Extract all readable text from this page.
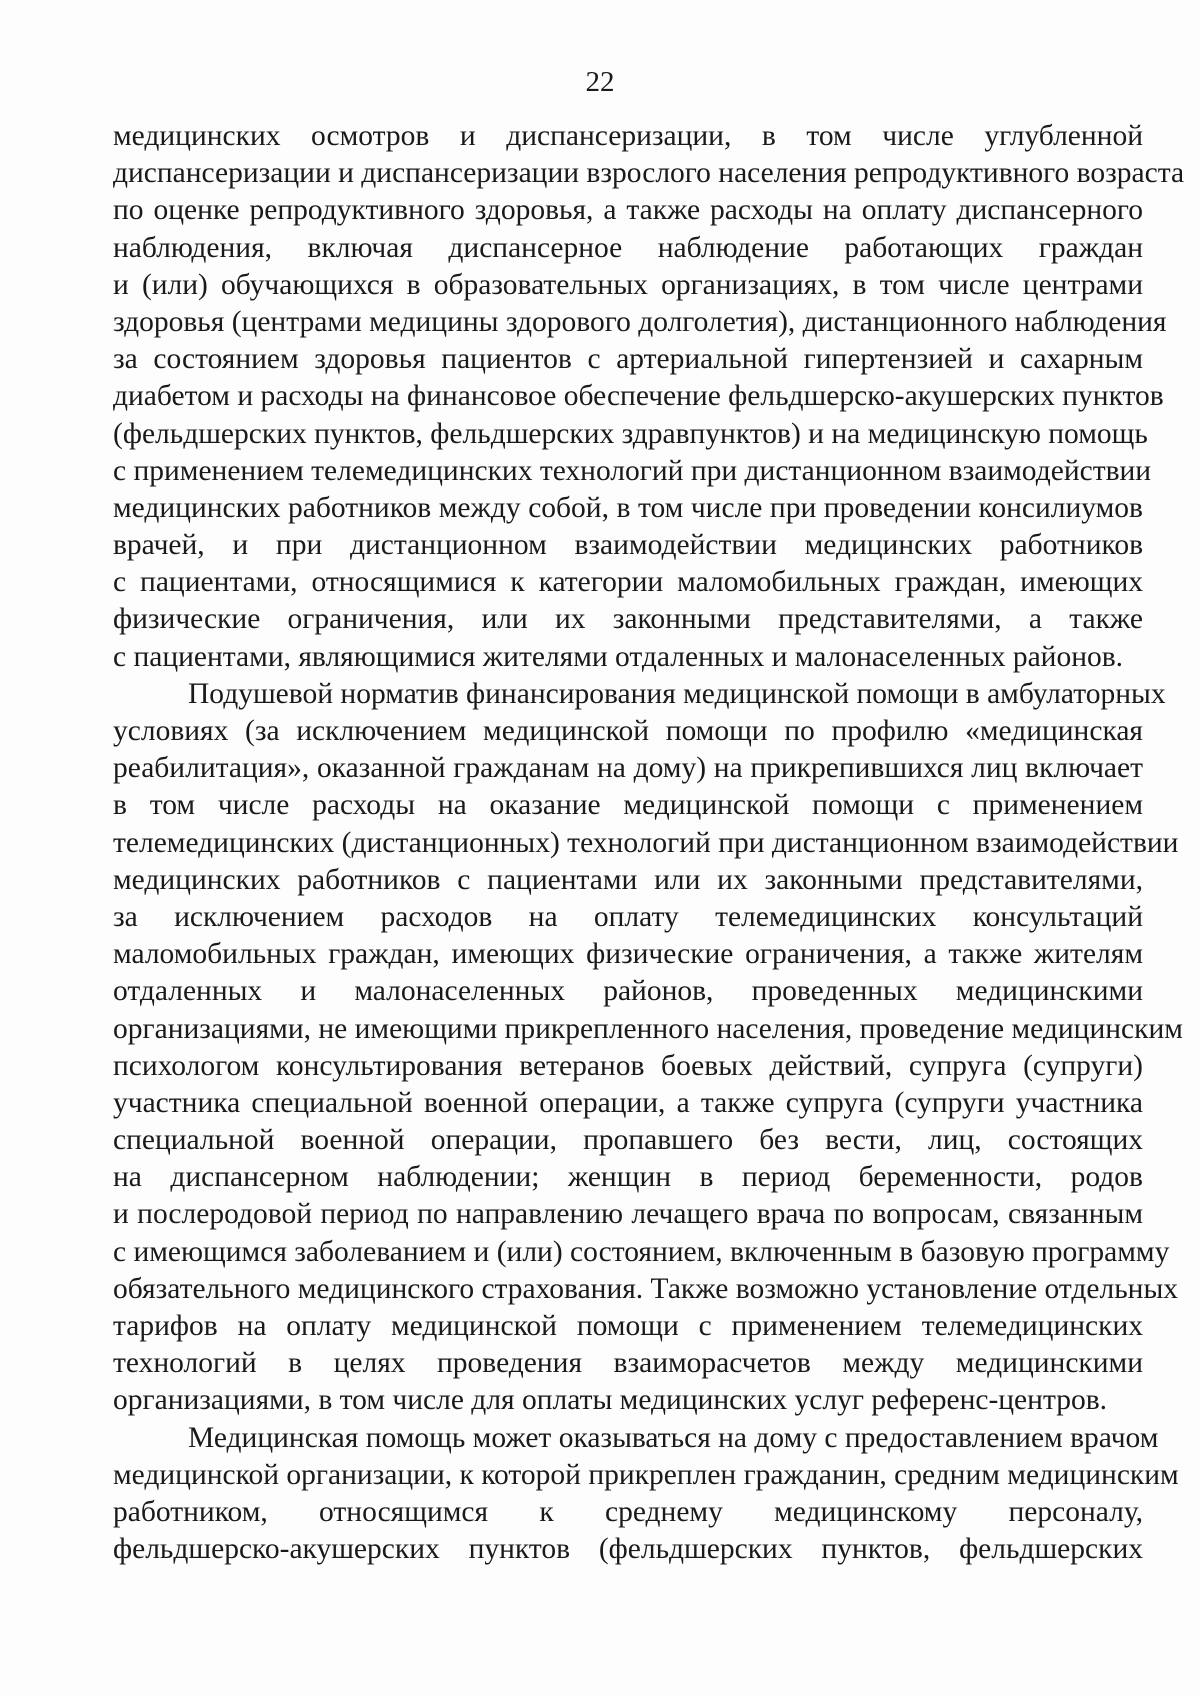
22
медицинских осмотров и диспансеризации, в том числе углубленной
диспансеризации и диспансеризации взрослого населения репродуктивного возраста
по оценке репродуктивного здоровья, а также расходы на оплату диспансерного
наблюдения, включая диспансерное наблюдение работающих граждан
и (или) обучающихся в образовательных организациях, в том числе центрами
здоровья (центрами медицины здорового долголетия), дистанционного наблюдения
за состоянием здоровья пациентов с артериальной гипертензией и сахарным
диабетом и расходы на финансовое обеспечение фельдшерско-акушерских пунктов
(фельдшерских пунктов, фельдшерских здравпунктов) и на медицинскую помощь
с применением телемедицинских технологий при дистанционном взаимодействии
медицинских работников между собой, в том числе при проведении консилиумов
врачей, и при дистанционном взаимодействии медицинских работников
с пациентами, относящимися к категории маломобильных граждан, имеющих
физические ограничения, или их законными представителями, а также
с пациентами, являющимися жителями отдаленных и малонаселенных районов.
Подушевой норматив финансирования медицинской помощи в амбулаторных
условиях (за исключением медицинской помощи по профилю «медицинская
реабилитация», оказанной гражданам на дому) на прикрепившихся лиц включает
в том числе расходы на оказание медицинской помощи с применением
телемедицинских (дистанционных) технологий при дистанционном взаимодействии
медицинских работников с пациентами или их законными представителями,
за исключением расходов на оплату телемедицинских консультаций
маломобильных граждан, имеющих физические ограничения, а также жителям
отдаленных и малонаселенных районов, проведенных медицинскими
организациями, не имеющими прикрепленного населения, проведение медицинским
психологом консультирования ветеранов боевых действий, супруга (супруги)
участника специальной военной операции, а также супруга (супруги участника
специальной военной операции, пропавшего без вести, лиц, состоящих
на диспансерном наблюдении; женщин в период беременности, родов
и послеродовой период по направлению лечащего врача по вопросам, связанным
с имеющимся заболеванием и (или) состоянием, включенным в базовую программу
обязательного медицинского страхования. Также возможно установление отдельных
тарифов на оплату медицинской помощи с применением телемедицинских
технологий в целях проведения взаиморасчетов между медицинскими
организациями, в том числе для оплаты медицинских услуг референс-центров.
Медицинская помощь может оказываться на дому с предоставлением врачом
медицинской организации, к которой прикреплен гражданин, средним медицинским
работником, относящимся к среднему медицинскому персоналу,
фельдшерско-акушерских пунктов (фельдшерских пунктов, фельдшерских
